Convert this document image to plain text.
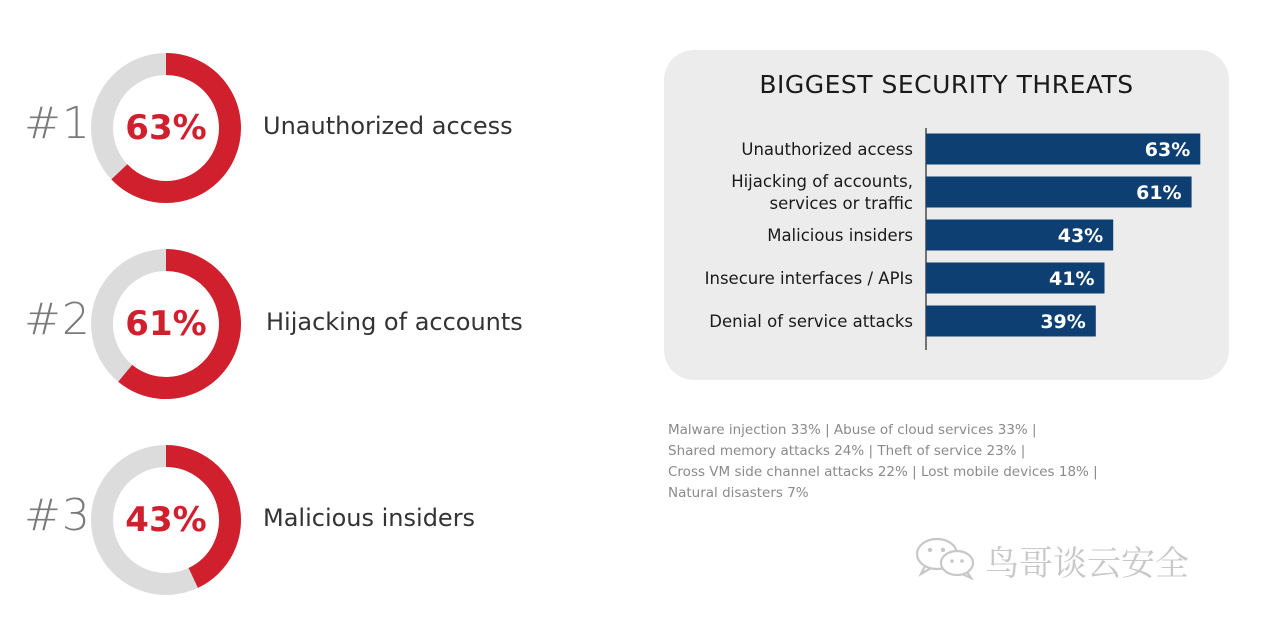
#1	63%	Unauthorized access
#2	61%	Hijacking of accounts
#3	43%	Malicious insiders
BIGGEST SECURITY THREATS
63%
Unauthorized access
61%
Hijacking of accounts,
services or traffic
43%
Malicious insiders
41%
Insecure interfaces / APIs
39%
Denial of service attacks
Malware injection 33% | Abuse of cloud services 33% |
Shared memory attacks 24% | Theft of service 23% |
Cross VM side channel attacks 22% | Lost mobile devices 18% |
Natural disasters 7%
鸟哥谈云安全
